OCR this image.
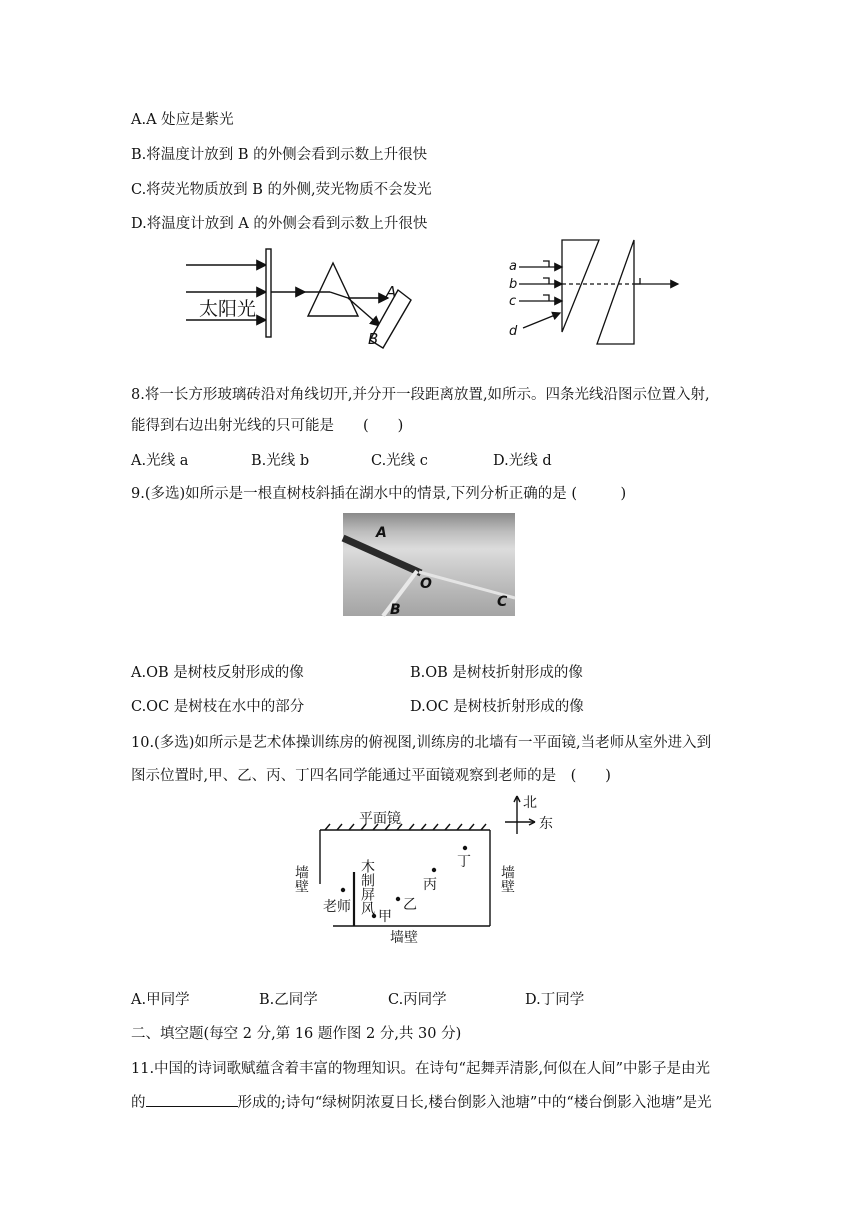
A.A 处应是紫光
B.将温度计放到 B 的外侧会看到示数上升很快
C.将荧光物质放到 B 的外侧,荧光物质不会发光
D.将温度计放到 A 的外侧会看到示数上升很快
太阳光
A
B
a
b
c
d
8.将一长方形玻璃砖沿对角线切开,并分开一段距离放置,如所示。四条光线沿图示位置入射,
能得到右边出射光线的只可能是　　(　　)
A.光线 a	B.光线 b	C.光线 c	D.光线 d
9.(多选)如所示是一根直树枝斜插在湖水中的情景,下列分析正确的是 (　　　)
A
O
B	C
A.OB 是树枝反射形成的像	B.OB 是树枝折射形成的像
C.OC 是树枝在水中的部分	D.OC 是树枝折射形成的像
10.(多选)如所示是艺术体操训练房的俯视图,训练房的北墙有一平面镜,当老师从室外进入到
图示位置时,甲、乙、丙、丁四名同学能通过平面镜观察到老师的是　(　　)
平面镜
北
东
墙壁	墙壁
墙壁
木制屏风
老师
甲
乙
丙
丁
A.甲同学	B.乙同学	C.丙同学	D.丁同学
二、填空题(每空 2 分,第 16 题作图 2 分,共 30 分)
11.中国的诗词歌赋蕴含着丰富的物理知识。在诗句“起舞弄清影,何似在人间”中影子是由光
的	形成的;诗句“绿树阴浓夏日长,楼台倒影入池塘”中的“楼台倒影入池塘”是光
